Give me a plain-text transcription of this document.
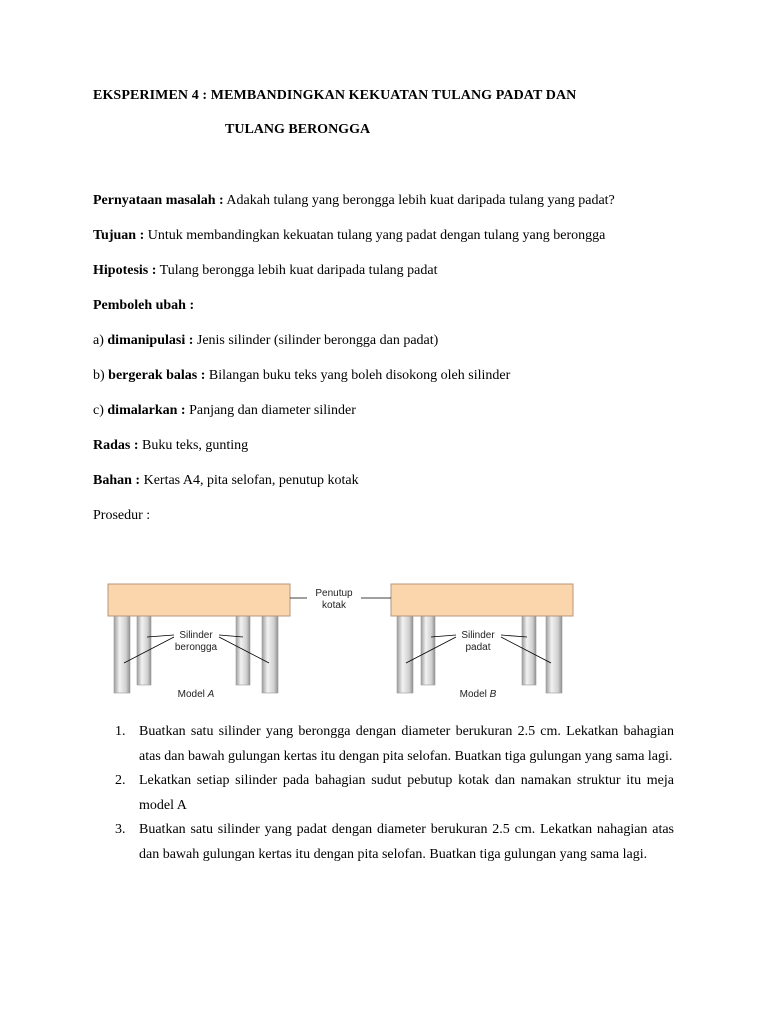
EKSPERIMEN 4 : MEMBANDINGKAN KEKUATAN TULANG PADAT DAN
TULANG BERONGGA
Pernyataan masalah : Adakah tulang yang berongga lebih kuat daripada tulang yang padat?
Tujuan : Untuk membandingkan kekuatan tulang yang padat dengan tulang yang berongga
Hipotesis : Tulang berongga lebih kuat daripada tulang padat
Pemboleh ubah :
a) dimanipulasi : Jenis silinder (silinder berongga dan padat)
b) bergerak balas : Bilangan buku teks yang boleh disokong oleh silinder
c) dimalarkan : Panjang dan diameter silinder
Radas : Buku teks, gunting
Bahan : Kertas A4, pita selofan, penutup kotak
Prosedur :
Penutup
kotak
Silinder
berongga
Silinder
padat
Model A	Model B
1. Buatkan satu silinder yang berongga dengan diameter berukuran 2.5 cm. Lekatkan bahagian atas dan bawah gulungan kertas itu dengan pita selofan. Buatkan tiga gulungan yang sama lagi.
2. Lekatkan setiap silinder pada bahagian sudut pebutup kotak dan namakan struktur itu meja model A
3. Buatkan satu silinder yang padat dengan diameter berukuran 2.5 cm. Lekatkan nahagian atas dan bawah gulungan kertas itu dengan pita selofan. Buatkan tiga gulungan yang sama lagi.
